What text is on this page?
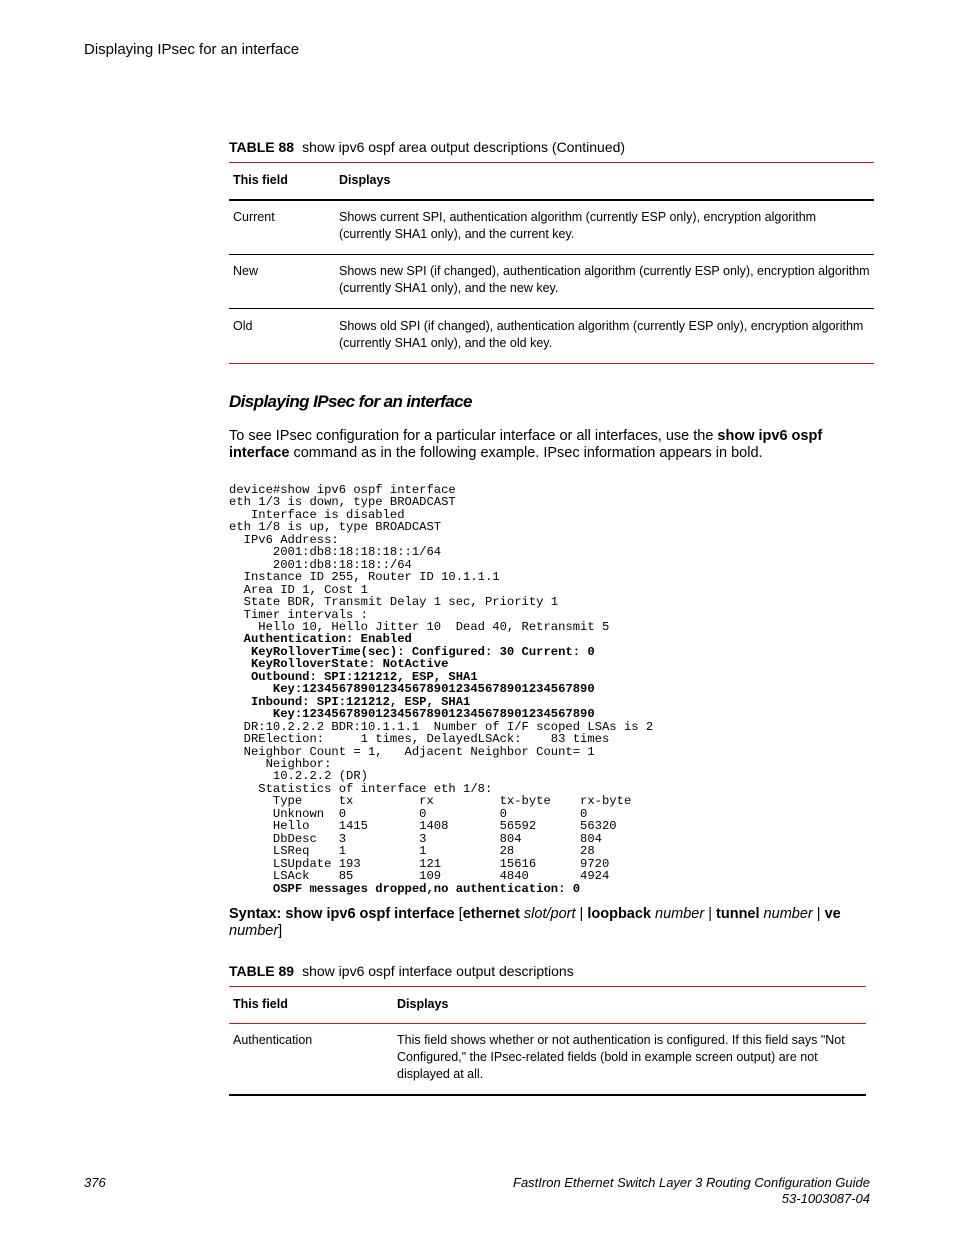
Displaying IPsec for an interface
TABLE 88 show ipv6 ospf area output descriptions (Continued)
This field	Displays
Current	Shows current SPI, authentication algorithm (currently ESP only), encryption algorithm
(currently SHA1 only), and the current key.
New	Shows new SPI (if changed), authentication algorithm (currently ESP only), encryption algorithm
(currently SHA1 only), and the new key.
Old	Shows old SPI (if changed), authentication algorithm (currently ESP only), encryption algorithm
(currently SHA1 only), and the old key.
Displaying IPsec for an interface
To see IPsec configuration for a particular interface or all interfaces, use the show ipv6 ospf
interface command as in the following example. IPsec information appears in bold.
device#show ipv6 ospf interface
eth 1/3 is down, type BROADCAST
Interface is disabled
eth 1/8 is up, type BROADCAST
IPv6 Address:
2001:db8:18:18:18::1/64
2001:db8:18:18::/64
Instance ID 255, Router ID 10.1.1.1
Area ID 1, Cost 1
State BDR, Transmit Delay 1 sec, Priority 1
Timer intervals :
Hello 10, Hello Jitter 10  Dead 40, Retransmit 5
Authentication: Enabled
KeyRolloverTime(sec): Configured: 30 Current: 0
KeyRolloverState: NotActive
Outbound: SPI:121212, ESP, SHA1
Key:1234567890123456789012345678901234567890
Inbound: SPI:121212, ESP, SHA1
Key:1234567890123456789012345678901234567890
DR:10.2.2.2 BDR:10.1.1.1  Number of I/F scoped LSAs is 2
DRElection:     1 times, DelayedLSAck:    83 times
Neighbor Count = 1,   Adjacent Neighbor Count= 1
Neighbor:
10.2.2.2 (DR)
Statistics of interface eth 1/8:
Type     tx         rx         tx-byte    rx-byte
Unknown  0          0          0          0
Hello    1415       1408       56592      56320
DbDesc   3          3          804        804
LSReq    1          1          28         28
LSUpdate 193        121        15616      9720
LSAck    85         109        4840       4924
OSPF messages dropped,no authentication: 0
Syntax: show ipv6 ospf interface [ethernet slot/port | loopback number | tunnel number | ve
number]
TABLE 89 show ipv6 ospf interface output descriptions
This field	Displays
Authentication	This field shows whether or not authentication is configured. If this field says "Not
Configured," the IPsec-related fields (bold in example screen output) are not
displayed at all.
376	FastIron Ethernet Switch Layer 3 Routing Configuration Guide
53-1003087-04
